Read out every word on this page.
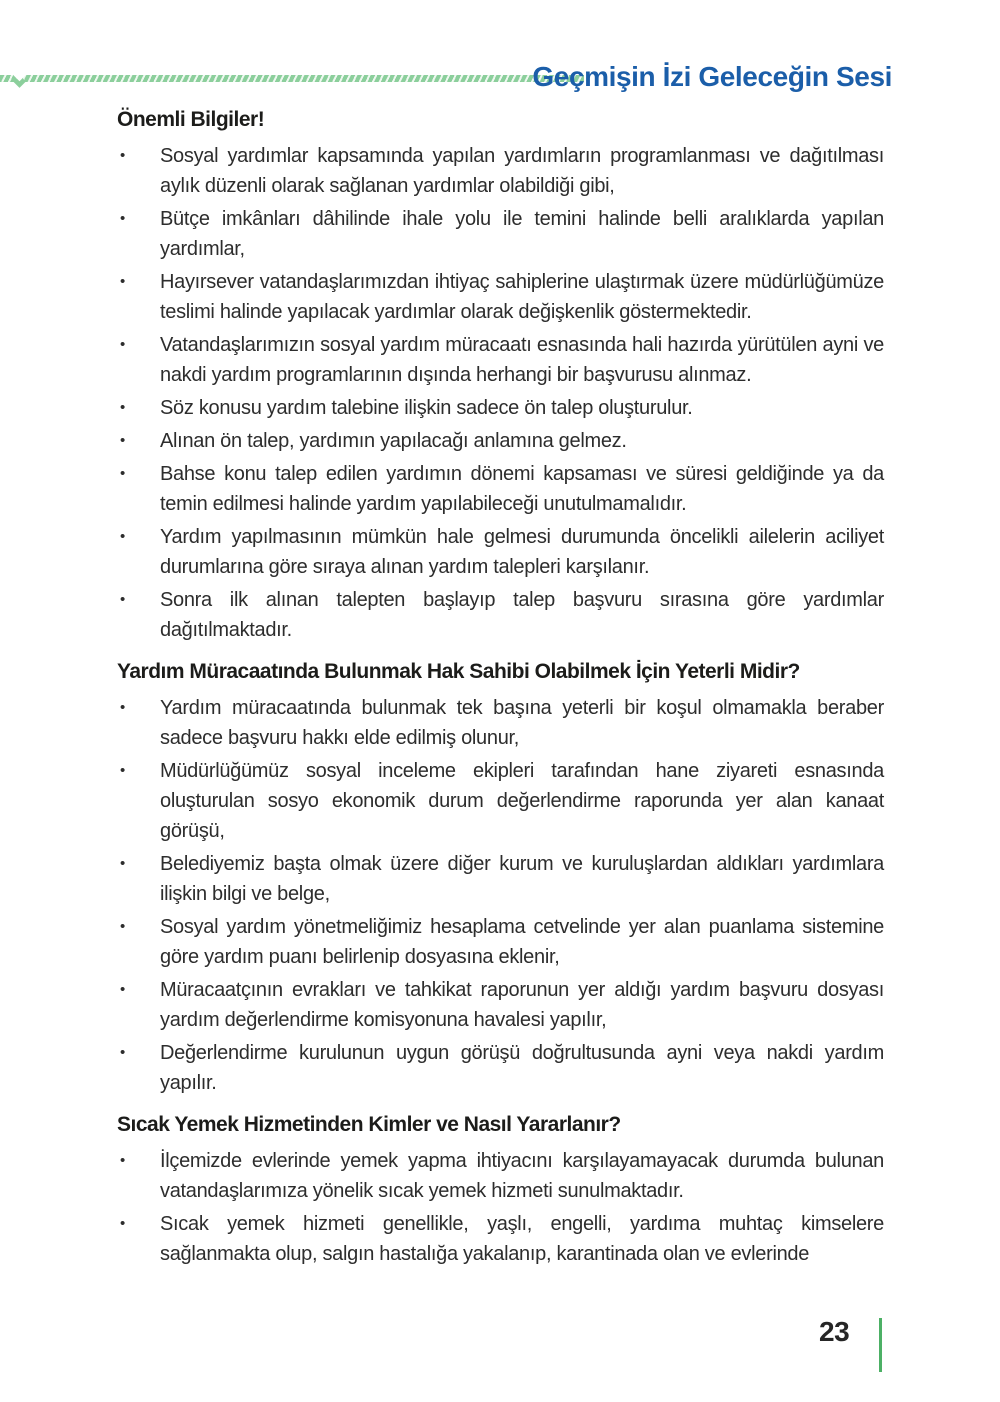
Geçmişin İzi Geleceğin Sesi
Önemli Bilgiler!
• Sosyal yardımlar kapsamında yapılan yardımların programlanması ve dağıtılması aylık düzenli olarak sağlanan yardımlar olabildiği gibi,
• Bütçe imkânları dâhilinde ihale yolu ile temini halinde belli aralıklarda yapılan yardımlar,
• Hayırsever vatandaşlarımızdan ihtiyaç sahiplerine ulaştırmak üzere müdürlüğümüze teslimi halinde yapılacak yardımlar olarak değişkenlik göstermektedir.
• Vatandaşlarımızın sosyal yardım müracaatı esnasında hali hazırda yürütülen ayni ve nakdi yardım programlarının dışında herhangi bir başvurusu alınmaz.
• Söz konusu yardım talebine ilişkin sadece ön talep oluşturulur.
• Alınan ön talep, yardımın yapılacağı anlamına gelmez.
• Bahse konu talep edilen yardımın dönemi kapsaması ve süresi geldiğinde ya da temin edilmesi halinde yardım yapılabileceği unutulmamalıdır.
• Yardım yapılmasının mümkün hale gelmesi durumunda öncelikli ailelerin aciliyet durumlarına göre sıraya alınan yardım talepleri karşılanır.
• Sonra ilk alınan talepten başlayıp talep başvuru sırasına göre yardımlar dağıtılmaktadır.
Yardım Müracaatında Bulunmak Hak Sahibi Olabilmek İçin Yeterli Midir?
• Yardım müracaatında bulunmak tek başına yeterli bir koşul olmamakla beraber sadece başvuru hakkı elde edilmiş olunur,
• Müdürlüğümüz sosyal inceleme ekipleri tarafından hane ziyareti esnasında oluşturulan sosyo ekonomik durum değerlendirme raporunda yer alan kanaat görüşü,
• Belediyemiz başta olmak üzere diğer kurum ve kuruluşlardan aldıkları yardımlara ilişkin bilgi ve belge,
• Sosyal yardım yönetmeliğimiz hesaplama cetvelinde yer alan puanlama sistemine göre yardım puanı belirlenip dosyasına eklenir,
• Müracaatçının evrakları ve tahkikat raporunun yer aldığı yardım başvuru dosyası yardım değerlendirme komisyonuna havalesi yapılır,
• Değerlendirme kurulunun uygun görüşü doğrultusunda ayni veya nakdi yardım yapılır.
Sıcak Yemek Hizmetinden Kimler ve Nasıl Yararlanır?
• İlçemizde evlerinde yemek yapma ihtiyacını karşılayamayacak durumda bulunan vatandaşlarımıza yönelik sıcak yemek hizmeti sunulmaktadır.
• Sıcak yemek hizmeti genellikle, yaşlı, engelli, yardıma muhtaç kimselere sağlanmakta olup, salgın hastalığa yakalanıp, karantinada olan ve evlerinde
23
